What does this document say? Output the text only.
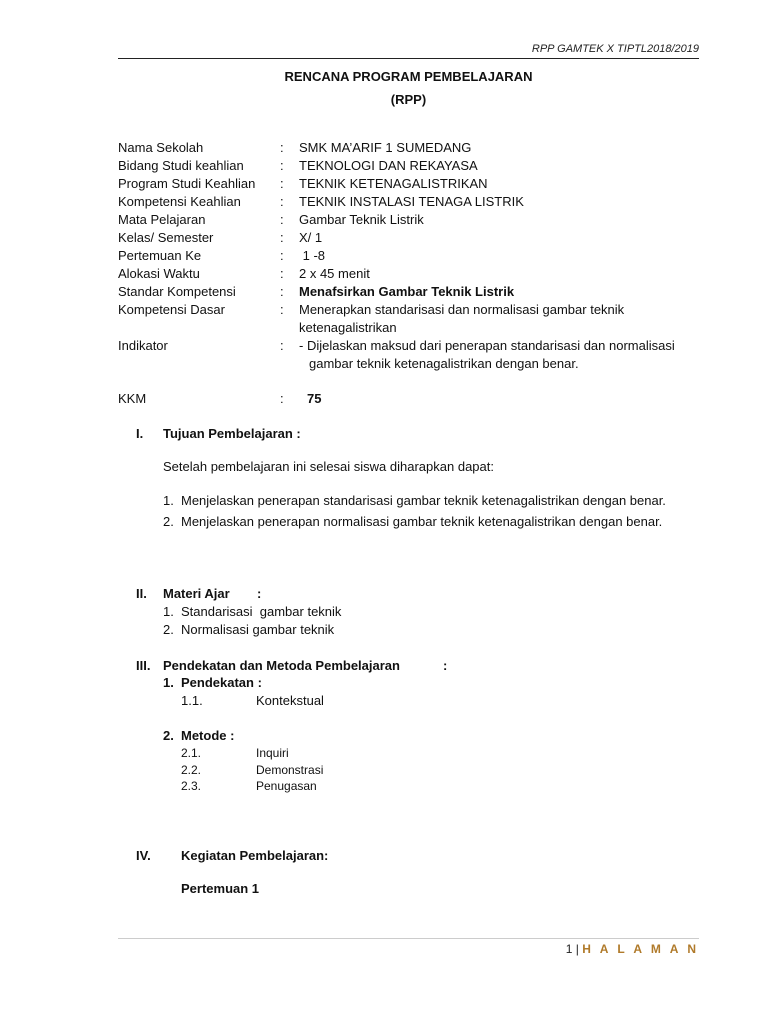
RPP GAMTEK X TIPTL2018/2019
RENCANA PROGRAM PEMBELAJARAN
(RPP)
Nama Sekolah	:	SMK MA’ARIF 1 SUMEDANG
Bidang Studi keahlian	:	TEKNOLOGI DAN REKAYASA
Program Studi Keahlian	:	TEKNIK KETENAGALISTRIKAN
Kompetensi Keahlian	:	TEKNIK INSTALASI TENAGA LISTRIK
Mata Pelajaran	:	Gambar Teknik Listrik
Kelas/ Semester	:	X/ 1
Pertemuan Ke	:	1 -8
Alokasi Waktu	:	2 x 45 menit
Standar Kompetensi	:	Menafsirkan Gambar Teknik Listrik
Kompetensi Dasar	:	Menerapkan standarisasi dan normalisasi gambar teknik
ketenagalistrikan
Indikator	:	- Dijelaskan maksud dari penerapan standarisasi dan normalisasi
gambar teknik ketenagalistrikan dengan benar.
KKM	:	75
I. Tujuan Pembelajaran :
Setelah pembelajaran ini selesai siswa diharapkan dapat:
1. Menjelaskan penerapan standarisasi gambar teknik ketenagalistrikan dengan benar.
2. Menjelaskan penerapan normalisasi gambar teknik ketenagalistrikan dengan benar.
II. Materi Ajar :
1. Standarisasi  gambar teknik
2. Normalisasi gambar teknik
III. Pendekatan dan Metoda Pembelajaran	:
1. Pendekatan :
1.1.	Kontekstual
2. Metode :
2.1.	Inquiri
2.2.	Demonstrasi
2.3.	Penugasan
IV. Kegiatan Pembelajaran:
Pertemuan 1
1 | H A L A M A N
